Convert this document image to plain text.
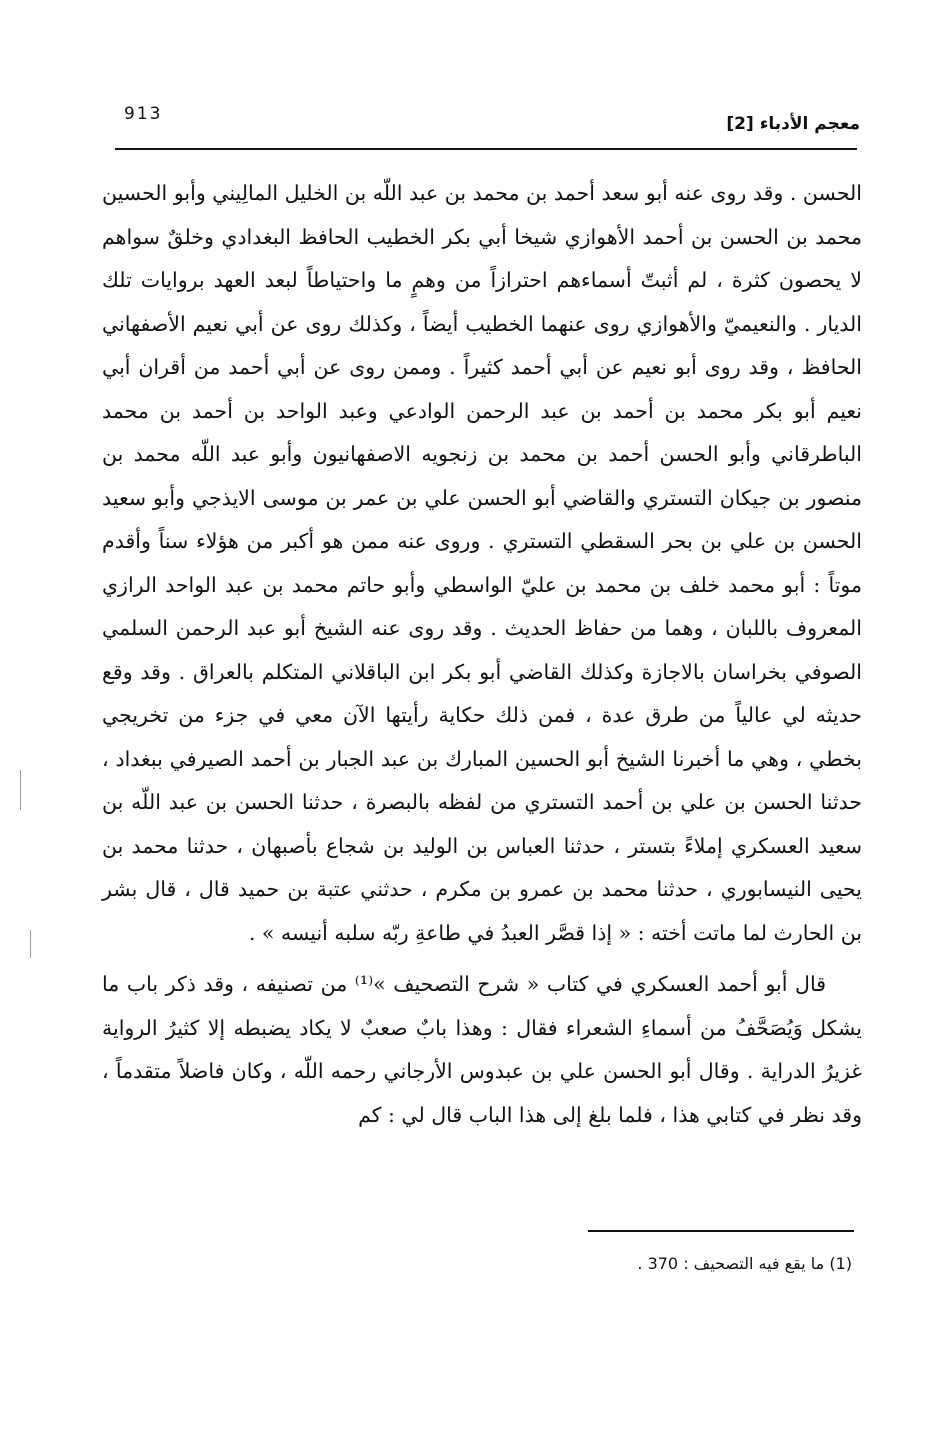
913	معجم الأدباء [2]

الحسن . وقد روى عنه أبو سعد أحمد بن محمد بن عبد اللّه بن الخليل المالِيني وأبو الحسين محمد بن الحسن بن أحمد الأهوازي شيخا أبي بكر الخطيب الحافظ البغدادي وخلقٌ سواهم لا يحصون كثرة ، لم أثبتّ أسماءهم احترازاً من وهمٍ ما واحتياطاً لبعد العهد بروايات تلك الديار . والنعيميّ والأهوازي روى عنهما الخطيب أيضاً ، وكذلك روى عن أبي نعيم الأصفهاني الحافظ ، وقد روى أبو نعيم عن أبي أحمد كثيراً . وممن روى عن أبي أحمد من أقران أبي نعيم أبو بكر محمد بن أحمد بن عبد الرحمن الوادعي وعبد الواحد بن أحمد بن محمد الباطرقاني وأبو الحسن أحمد بن محمد بن زنجويه الاصفهانيون وأبو عبد اللّه محمد بن منصور بن جيكان التستري والقاضي أبو الحسن علي بن عمر بن موسى الايذجي وأبو سعيد الحسن بن علي بن بحر السقطي التستري . وروى عنه ممن هو أكبر من هؤلاء سناً وأقدم موتاً : أبو محمد خلف بن محمد بن عليّ الواسطي وأبو حاتم محمد بن عبد الواحد الرازي المعروف باللبان ، وهما من حفاظ الحديث . وقد روى عنه الشيخ أبو عبد الرحمن السلمي الصوفي بخراسان بالاجازة وكذلك القاضي أبو بكر ابن الباقلاني المتكلم بالعراق . وقد وقع حديثه لي عالياً من طرق عدة ، فمن ذلك حكاية رأيتها الآن معي في جزء من تخريجي بخطي ، وهي ما أخبرنا الشيخ أبو الحسين المبارك بن عبد الجبار بن أحمد الصيرفي ببغداد ، حدثنا الحسن بن علي بن أحمد التستري من لفظه بالبصرة ، حدثنا الحسن بن عبد اللّه بن سعيد العسكري إملاءً بتستر ، حدثنا العباس بن الوليد بن شجاع بأصبهان ، حدثنا محمد بن يحيى النيسابوري ، حدثنا محمد بن عمرو بن مكرم ، حدثني عتبة بن حميد قال ، قال بشر بن الحارث لما ماتت أخته : « إذا قصَّر العبدُ في طاعةِ ربّه سلبه أنيسه » .

قال أبو أحمد العسكري في كتاب « شرح التصحيف »⁽¹⁾ من تصنيفه ، وقد ذكر باب ما يشكل وَيُصَحَّفُ من أسماءِ الشعراء فقال : وهذا بابٌ صعبٌ لا يكاد يضبطه إلا كثيرُ الرواية غزيرُ الدراية . وقال أبو الحسن علي بن عبدوس الأرجاني رحمه اللّه ، وكان فاضلاً متقدماً ، وقد نظر في كتابي هذا ، فلما بلغ إلى هذا الباب قال لي : كم

(1) ما يقع فيه التصحيف : 370 .
